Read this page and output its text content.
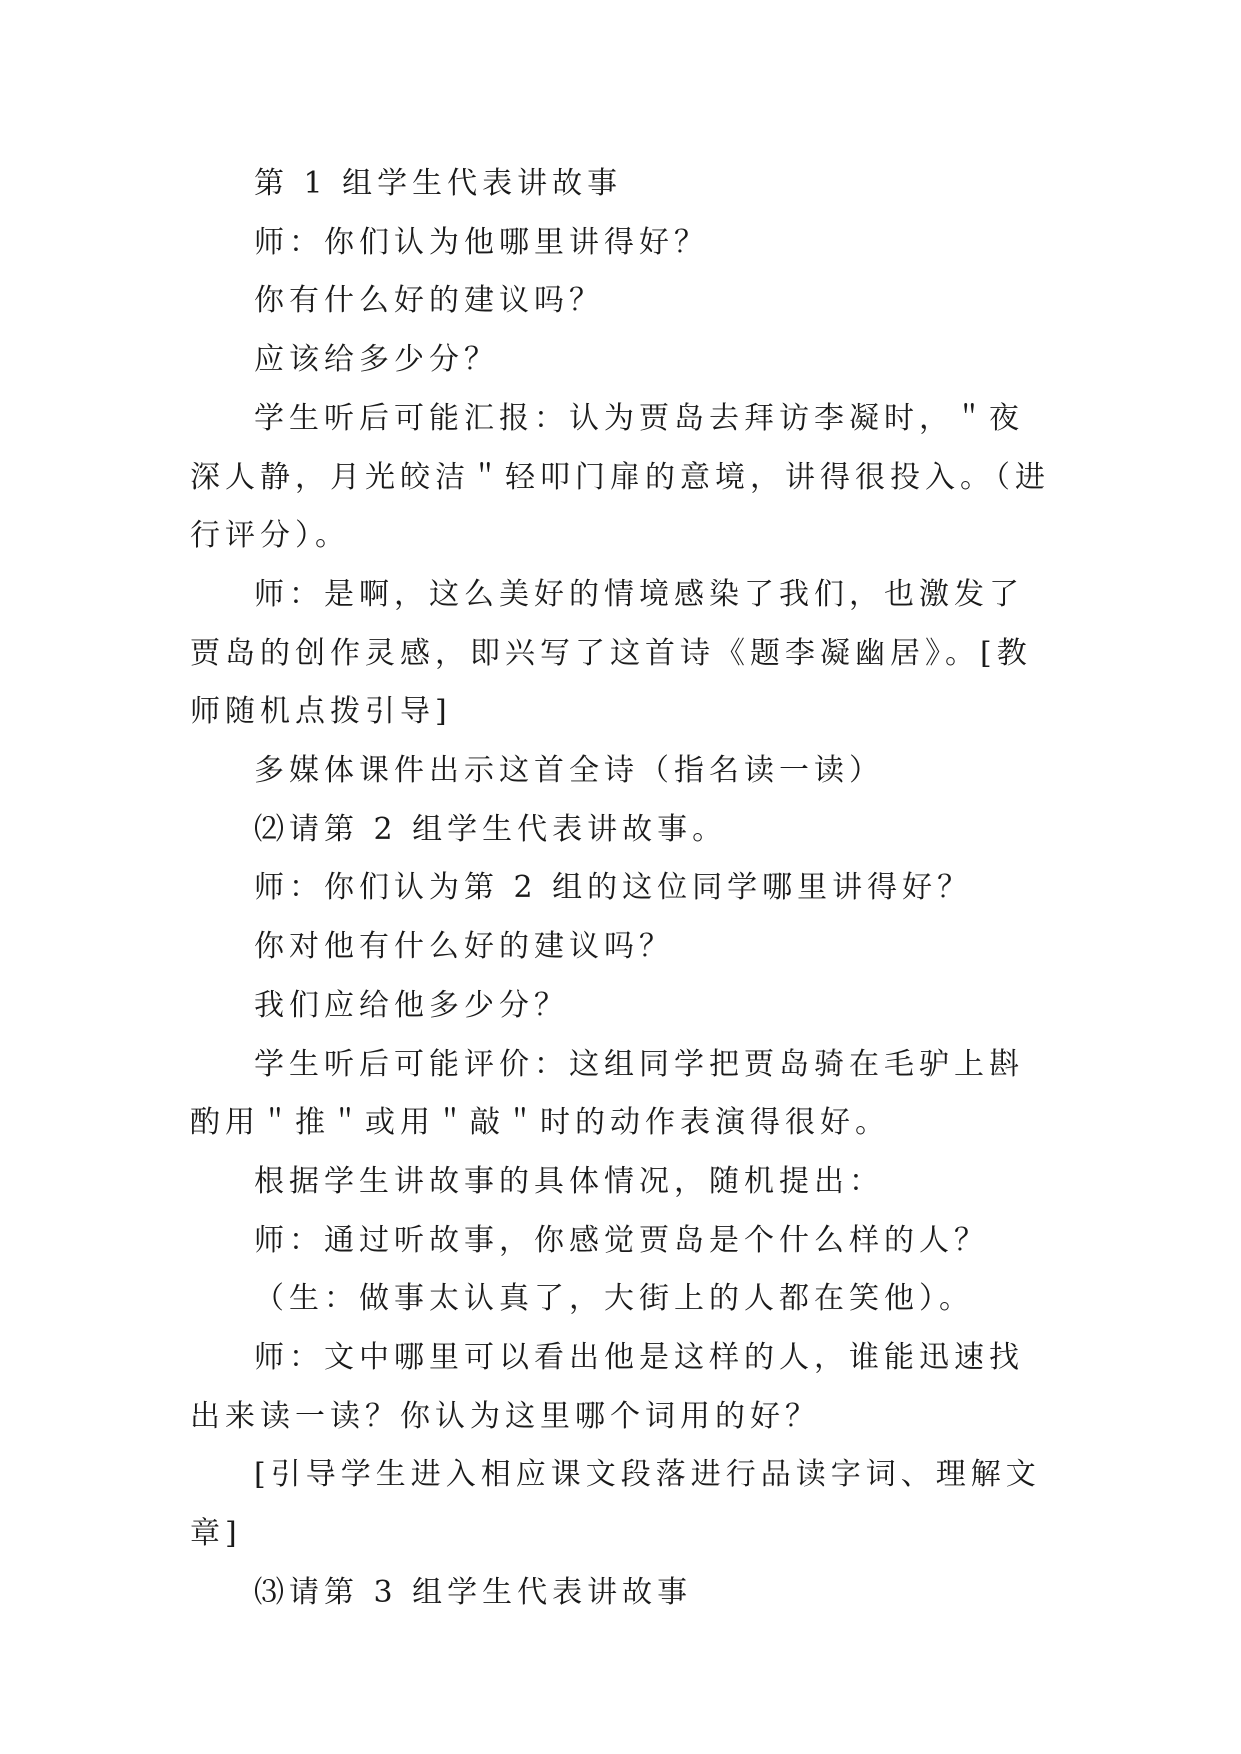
第 1 组学生代表讲故事

师：你们认为他哪里讲得好？

你有什么好的建议吗？

应该给多少分？

学生听后可能汇报：认为贾岛去拜访李凝时，＂夜深人静，月光皎洁＂轻叩门扉的意境，讲得很投入。（进行评分）。

师：是啊，这么美好的情境感染了我们，也激发了贾岛的创作灵感，即兴写了这首诗《题李凝幽居》。[教师随机点拨引导]

多媒体课件出示这首全诗（指名读一读）

⑵请第 2 组学生代表讲故事。

师：你们认为第 2 组的这位同学哪里讲得好？

你对他有什么好的建议吗？

我们应给他多少分？

学生听后可能评价：这组同学把贾岛骑在毛驴上斟酌用＂推＂或用＂敲＂时的动作表演得很好。

根据学生讲故事的具体情况，随机提出：

师：通过听故事，你感觉贾岛是个什么样的人？

（生：做事太认真了，大街上的人都在笑他）。

师：文中哪里可以看出他是这样的人，谁能迅速找出来读一读？你认为这里哪个词用的好？

[引导学生进入相应课文段落进行品读字词、理解文章]

⑶请第 3 组学生代表讲故事
